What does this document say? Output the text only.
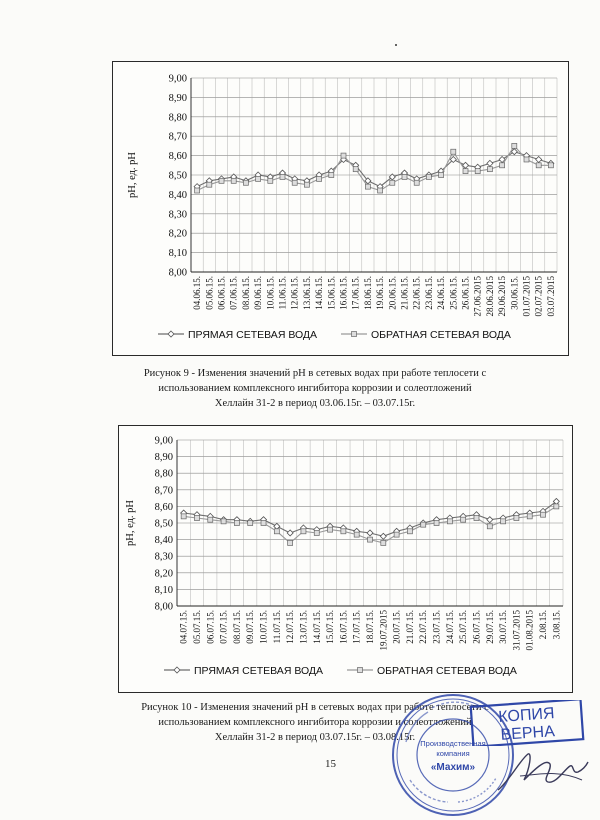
9,00
8,90
8,80
8,70
8,60
8,50
8,40
8,30
8,20
8,10
8,00
pH, ед. pH
04.06.15. 05.06.15. 06.06.15. 07.06.15. 08.06.15. 09.06.15. 10.06.15. 11.06.15. 12.06.15. 13.06.15. 14.06.15. 15.06.15. 16.06.15. 17.06.15. 18.06.15. 19.06.15. 20.06.15. 21.06.15. 22.06.15. 23.06.15. 24.06.15. 25.06.15. 26.06.15. 27.06.2015 28.06.2015 29.06.2015 30.06.15. 01.07.2015 02.07.2015 03.07.2015
ПРЯМАЯ СЕТЕВАЯ ВОДА	ОБРАТНАЯ СЕТЕВАЯ ВОДА
Рисунок 9 - Изменения значений pH в сетевых водах при работе теплосети с
использованием комплексного ингибитора коррозии и солеотложений
Хеллайн 31-2 в период 03.06.15г. – 03.07.15г.
9,00
8,90
8,80
8,70
8,60
8,50
8,40
8,30
8,20
8,10
8,00
pH, ед. pH
04.07.15. 05.07.15. 06.07.15. 07.07.15. 08.07.15. 09.07.15. 10.07.15. 11.07.15. 12.07.15. 13.07.15. 14.07.15. 15.07.15. 16.07.15. 17.07.15. 18.07.15. 19.07.2015 20.07.15. 21.07.15. 22.07.15. 23.07.15. 24.07.15. 25.07.15. 26.07.15. 29.07.15. 30.07.15. 31.07.2015 01.08.2015 2.08.15. 3.08.15.
ПРЯМАЯ СЕТЕВАЯ ВОДА	ОБРАТНАЯ СЕТЕВАЯ ВОДА
Рисунок 10 - Изменения значений pH в сетевых водах при работе теплосети с
использованием комплексного ингибитора коррозии и солеотложений
Хеллайн 31-2 в период 03.07.15г. – 03.08.15г.
15
Производственная
компания
«Махим»
КОПИЯ
ВЕРНА
